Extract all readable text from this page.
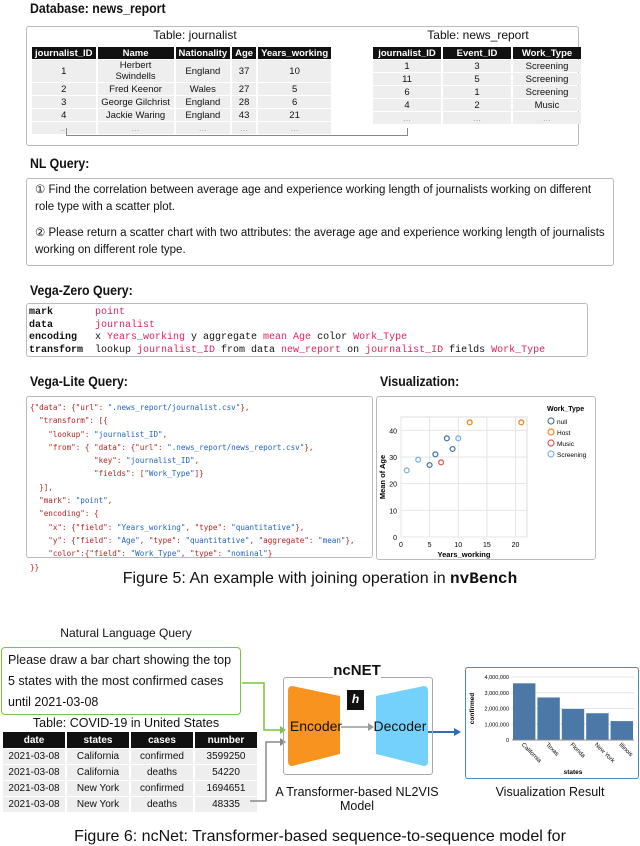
Database: news_report
Table: journalist
journalist_ID	Name	Nationality	Age	Years_working
1	Herbert Swindells	England	37	10
2	Fred Keenor	Wales	27	5
3	George Gilchrist	England	28	6
4	Jackie Waring	England	43	21
...	...	...	...	...
Table: news_report
journalist_ID	Event_ID	Work_Type
1	3	Screening
11	5	Screening
6	1	Screening
4	2	Music
...	...	...
NL Query:
① Find the correlation between average age and experience working length of journalists working on different role type with a scatter plot.
② Please return a scatter chart with two attributes: the average age and experience working length of journalists working on different role type.
Vega-Zero Query:
mark	point
data	journalist
encoding x Years_working y aggregate mean Age color Work_Type
transform lookup journalist_ID from data new_report on journalist_ID fields Work_Type
Vega-Lite Query:
{"data": {"url": ".news_report/journalist.csv"},
"transform": [{
"lookup": "journalist_ID",
"from": { "data": {"url": ".news_report/news_report.csv"},
"key": "journalist_ID",
"fields": ["Work_Type"]}
}],
"mark": "point",
"encoding": {
"x": {"field": "Years_working", "type": "quantitative"},
"y": {"field": "Age", "type": "quantitative", "aggregate": "mean"},
"color":{"field": "Work_Type", "type": "nominal"}
}}
Visualization:
0
10
20
30
40
0	5	10	15	20
Years_working
Mean of Age
Work_Type
null
Host
Music
Screening
Figure 5: An example with joining operation in nvBench
Natural Language Query
Please draw a bar chart showing the top 5 states with the most confirmed cases until 2021-03-08
Table: COVID-19 in United States
date	states	cases	number
2021-03-08	California	confirmed	3599250
2021-03-08	California	deaths	54220
2021-03-08	New York	confirmed	1694651
2021-03-08	New York	deaths	48335
ncNET
h
Encoder Decoder
A Transformer-based NL2VIS Model
0
1,000,000
2,000,000
3,000,000
4,000,000
California Texas Florida New York Illinois
states
confirmed
Visualization Result
Figure 6: ncNet: Transformer-based sequence-to-sequence model for
